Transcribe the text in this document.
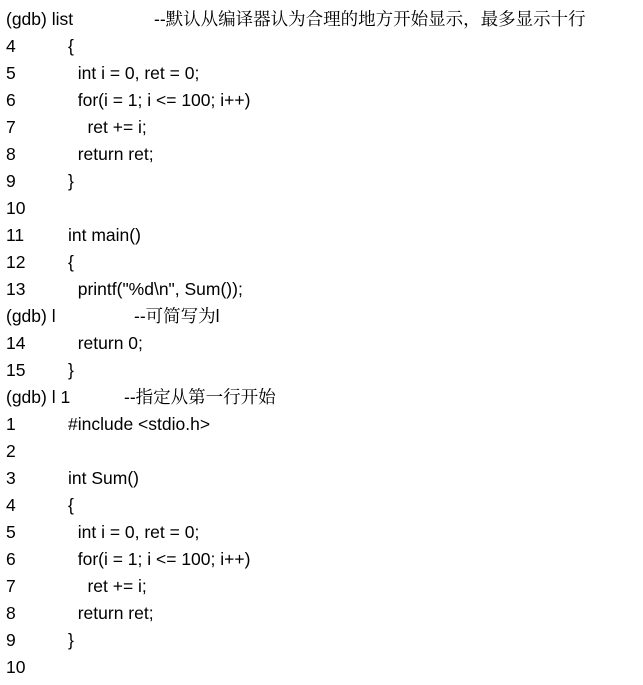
(gdb) list

	--默认从编译器认为合理的地方开始显示，最多显示十行

4	{
5	int i = 0, ret = 0;
6	for(i = 1; i <= 100; i++)
7	ret += i;
8	return ret;
9	}
10
11	int main()
12 {
13 printf("%d\n", Sum());

(gdb) l

	--可简写为l

14 return 0;
15 }

(gdb) l 1

	--指定从第一行开始

1	#include <stdio.h>
2
3	int Sum()
4	{
5	int i = 0, ret = 0;
6	for(i = 1; i <= 100; i++)
7	ret += i;
8	return ret;
9	}
10
